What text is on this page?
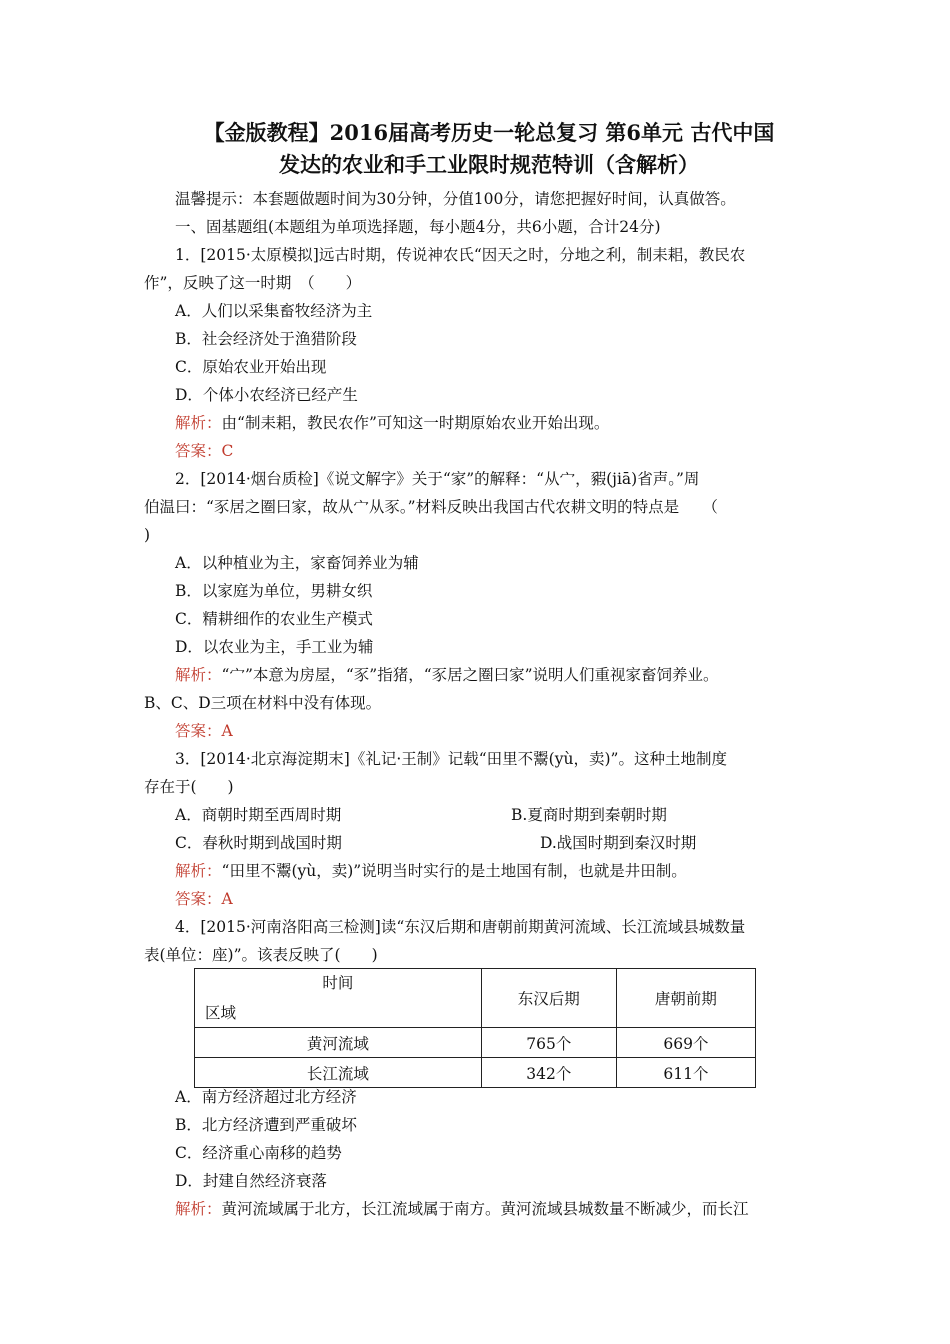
【金版教程】2016届高考历史一轮总复习 第6单元 古代中国
发达的农业和手工业限时规范特训（含解析）
温馨提示：本套题做题时间为30分钟，分值100分，请您把握好时间，认真做答。
一、固基题组(本题组为单项选择题，每小题4分，共6小题，合计24分)
1．[2015·太原模拟]远古时期，传说神农氏“因天之时，分地之利，制耒耜，教民农
作”，反映了这一时期　（　　）
A．人们以采集畜牧经济为主
B．社会经济处于渔猎阶段
C．原始农业开始出现
D．个体小农经济已经产生
解析：由“制耒耜，教民农作”可知这一时期原始农业开始出现。
答案：C
2．[2014·烟台质检]《说文解字》关于“家”的解释：“从宀，豭(jiā)省声。”周
伯温曰：“豕居之圈曰家，故从宀从豕。”材料反映出我国古代农耕文明的特点是　　（
)
A．以种植业为主，家畜饲养业为辅
B．以家庭为单位，男耕女织
C．精耕细作的农业生产模式
D．以农业为主，手工业为辅
解析：“宀”本意为房屋，“豕”指猪，“豕居之圈曰家”说明人们重视家畜饲养业。
B、C、D三项在材料中没有体现。
答案：A
3．[2014·北京海淀期末]《礼记·王制》记载“田里不鬻(yù，卖)”。这种土地制度
存在于(　　)
A．商朝时期至西周时期	B.夏商时期到秦朝时期
C．春秋时期到战国时期	D.战国时期到秦汉时期
解析：“田里不鬻(yù，卖)”说明当时实行的是土地国有制，也就是井田制。
答案：A
4．[2015·河南洛阳高三检测]读“东汉后期和唐朝前期黄河流域、长江流域县城数量
表(单位：座)”。该表反映了(　　)
时间
区域	东汉后期	唐朝前期
黄河流域	765个	669个
长江流域	342个	611个
A．南方经济超过北方经济
B．北方经济遭到严重破坏
C．经济重心南移的趋势
D．封建自然经济衰落
解析：黄河流域属于北方，长江流域属于南方。黄河流域县城数量不断减少，而长江
